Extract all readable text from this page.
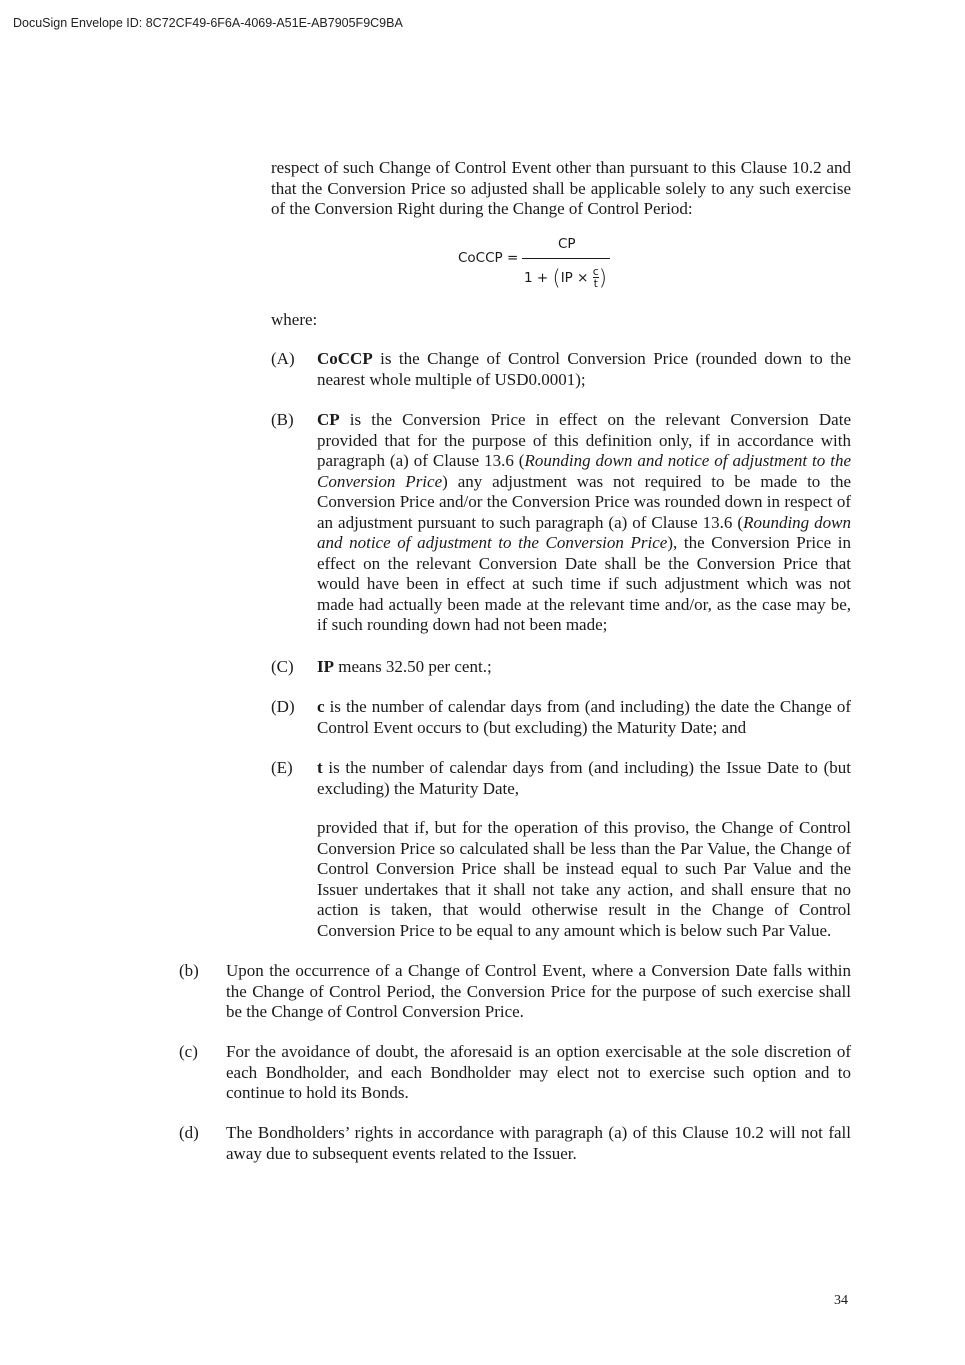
DocuSign Envelope ID: 8C72CF49-6F6A-4069-A51E-AB7905F9C9BA

respect of such Change of Control Event other than pursuant to this Clause 10.2 and that the Conversion Price so adjusted shall be applicable solely to any such exercise of the Conversion Right during the Change of Control Period:

CoCCP =
CP
$1 + (IP \times \frac{c}{t}$ )

where:

(A) CoCCP is the Change of Control Conversion Price (rounded down to the nearest whole multiple of USD0.0001);

(B) CP is the Conversion Price in effect on the relevant Conversion Date provided that for the purpose of this definition only, if in accordance with paragraph (a) of Clause 13.6 (Rounding down and notice of adjustment to the Conversion Price) any adjustment was not required to be made to the Conversion Price and/or the Conversion Price was rounded down in respect of an adjustment pursuant to such paragraph (a) of Clause 13.6 (Rounding down and notice of adjustment to the Conversion Price), the Conversion Price in effect on the relevant Conversion Date shall be the Conversion Price that would have been in effect at such time if such adjustment which was not made had actually been made at the relevant time and/or, as the case may be, if such rounding down had not been made;

(C) IP means 32.50 per cent.;

(D) c is the number of calendar days from (and including) the date the Change of Control Event occurs to (but excluding) the Maturity Date; and

(E) t is the number of calendar days from (and including) the Issue Date to (but excluding) the Maturity Date,

provided that if, but for the operation of this proviso, the Change of Control Conversion Price so calculated shall be less than the Par Value, the Change of Control Conversion Price shall be instead equal to such Par Value and the Issuer undertakes that it shall not take any action, and shall ensure that no action is taken, that would otherwise result in the Change of Control Conversion Price to be equal to any amount which is below such Par Value.

(b) Upon the occurrence of a Change of Control Event, where a Conversion Date falls within the Change of Control Period, the Conversion Price for the purpose of such exercise shall be the Change of Control Conversion Price.

(c) For the avoidance of doubt, the aforesaid is an option exercisable at the sole discretion of each Bondholder, and each Bondholder may elect not to exercise such option and to continue to hold its Bonds.

(d) The Bondholders’ rights in accordance with paragraph (a) of this Clause 10.2 will not fall away due to subsequent events related to the Issuer.

34
